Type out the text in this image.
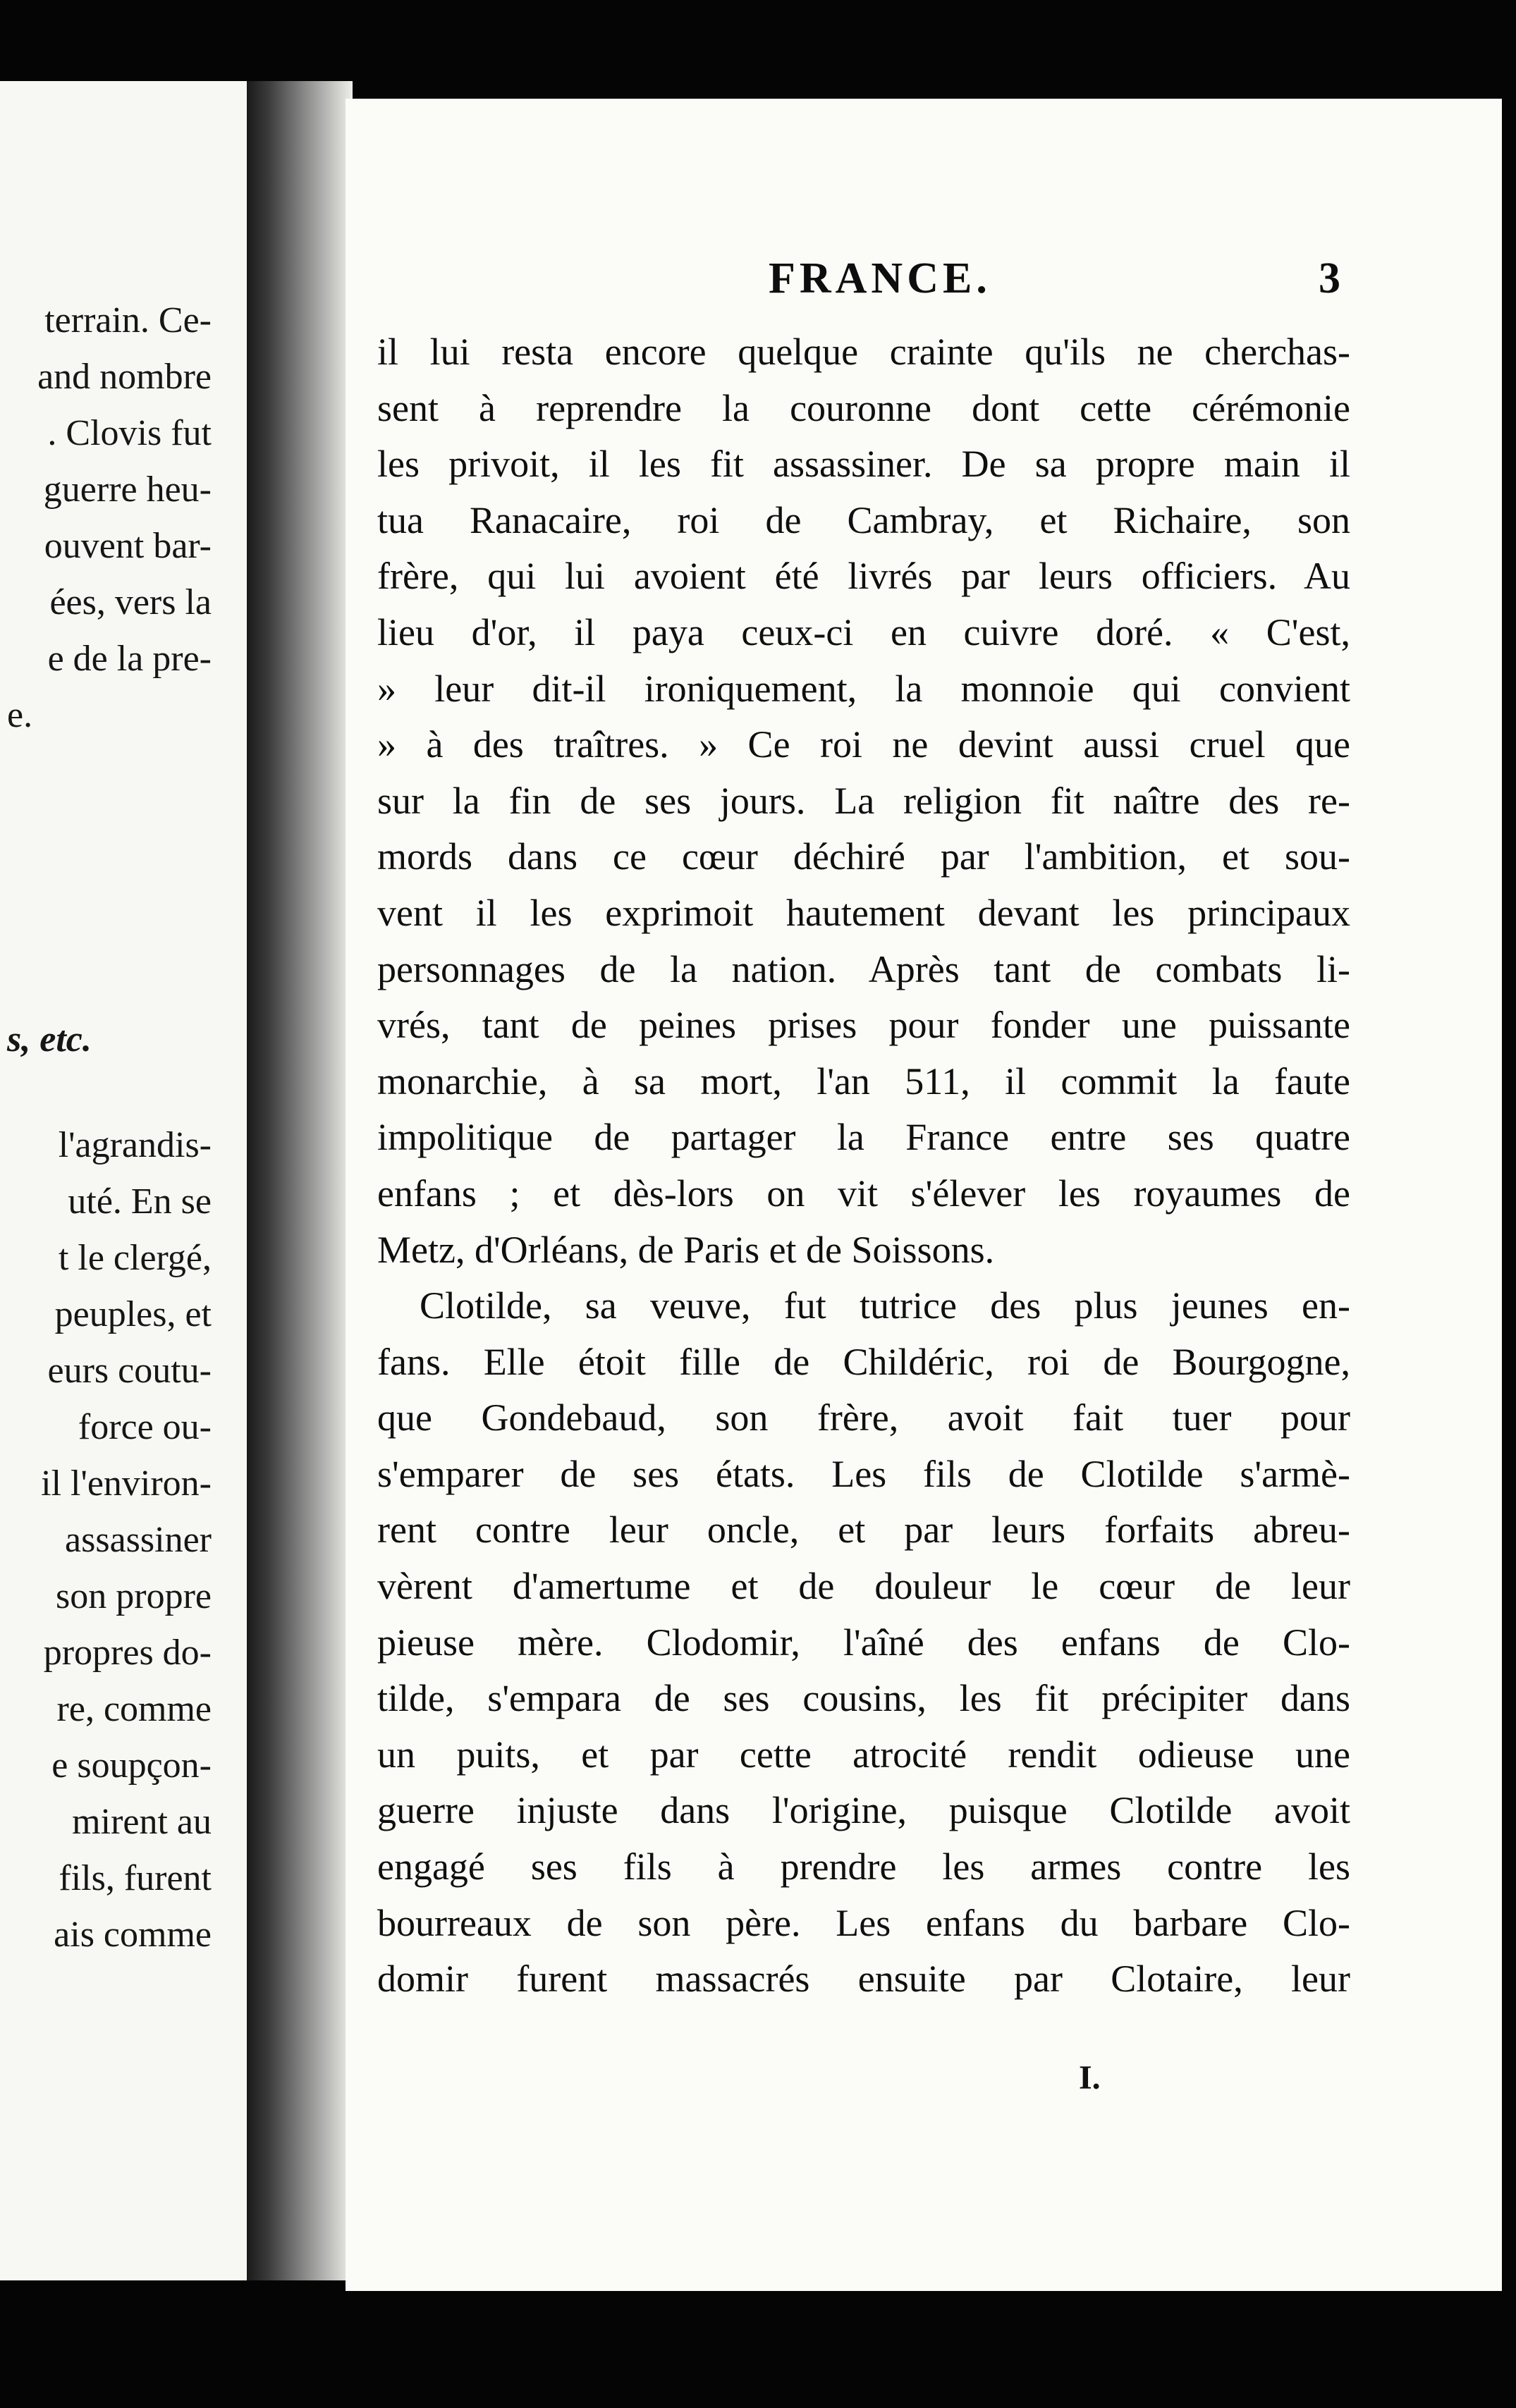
terrain. Ce-
and nombre
. Clovis fut
guerre heu-
ouvent bar-
ées, vers la
e de la pre-
e.
s, etc.
l'agrandis-
uté. En se
t le clergé,
peuples, et
eurs coutu-
force ou-
il l'environ-
assassiner
son propre
propres do-
re, comme
e soupçon-
mirent au
fils, furent
ais comme
FRANCE.	3
il lui resta encore quelque crainte qu'ils ne cherchas-
sent à reprendre la couronne dont cette cérémonie
les privoit, il les fit assassiner. De sa propre main il
tua Ranacaire, roi de Cambray, et Richaire, son
frère, qui lui avoient été livrés par leurs officiers. Au
lieu d'or, il paya ceux-ci en cuivre doré. « C'est,
» leur dit-il ironiquement, la monnoie qui convient
» à des traîtres. » Ce roi ne devint aussi cruel que
sur la fin de ses jours. La religion fit naître des re-
mords dans ce cœur déchiré par l'ambition, et sou-
vent il les exprimoit hautement devant les principaux
personnages de la nation. Après tant de combats li-
vrés, tant de peines prises pour fonder une puissante
monarchie, à sa mort, l'an 511, il commit la faute
impolitique de partager la France entre ses quatre
enfans ; et dès-lors on vit s'élever les royaumes de
Metz, d'Orléans, de Paris et de Soissons.
Clotilde, sa veuve, fut tutrice des plus jeunes en-
fans. Elle étoit fille de Childéric, roi de Bourgogne,
que Gondebaud, son frère, avoit fait tuer pour
s'emparer de ses états. Les fils de Clotilde s'armè-
rent contre leur oncle, et par leurs forfaits abreu-
vèrent d'amertume et de douleur le cœur de leur
pieuse mère. Clodomir, l'aîné des enfans de Clo-
tilde, s'empara de ses cousins, les fit précipiter dans
un puits, et par cette atrocité rendit odieuse une
guerre injuste dans l'origine, puisque Clotilde avoit
engagé ses fils à prendre les armes contre les
bourreaux de son père. Les enfans du barbare Clo-
domir furent massacrés ensuite par Clotaire, leur
I.
